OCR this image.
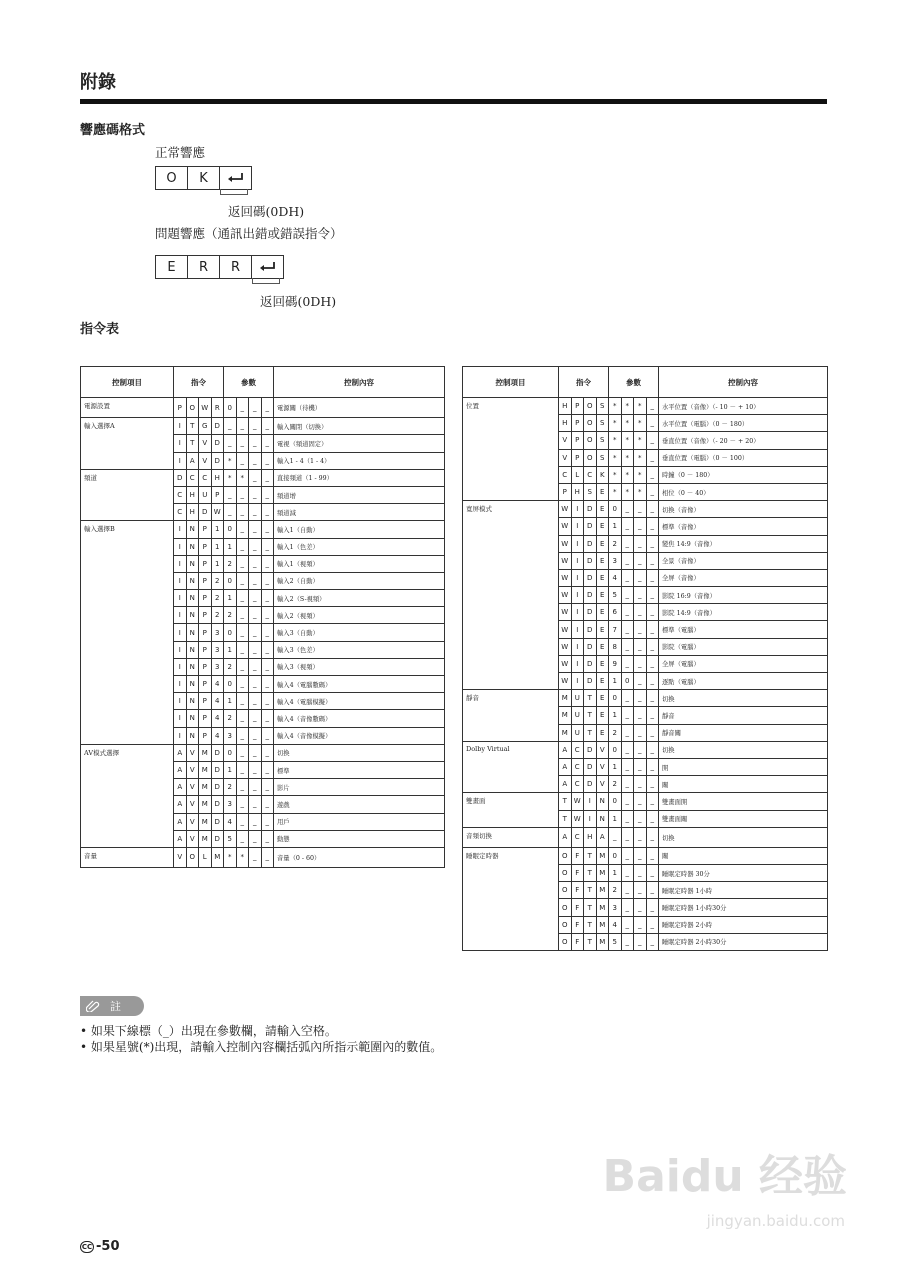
附錄
響應碼格式
正常響應
O	K
返回碼(0DH)
問題響應（通訊出錯或錯誤指令）
E	R	R
返回碼(0DH)
指令表
控制項目	指令				參數				控制內容
電源設置	P	O	W	R	0	_	_	_	電源關（待機）
輸入選擇A	I	T	G	D	_	_	_	_	輸入關閉（切換）
	I	T	V	D	_	_	_	_	電視（頻道固定）
	I	A	V	D	*	_	_	_	輸入1 - 4（1 - 4）
頻道	D	C	C	H	*	*	_	_	直接頻道（1 - 99）
	C	H	U	P	_	_	_	_	頻道增
	C	H	D	W	_	_	_	_	頻道減
輸入選擇B	I	N	P	1	0	_	_	_	輸入1（自動）
	I	N	P	1	1	_	_	_	輸入1（色差）
	I	N	P	1	2	_	_	_	輸入1（視頻）
	I	N	P	2	0	_	_	_	輸入2（自動）
	I	N	P	2	1	_	_	_	輸入2（S-視頻）
	I	N	P	2	2	_	_	_	輸入2（視頻）
	I	N	P	3	0	_	_	_	輸入3（自動）
	I	N	P	3	1	_	_	_	輸入3（色差）
	I	N	P	3	2	_	_	_	輸入3（視頻）
	I	N	P	4	0	_	_	_	輸入4（電腦數碼）
	I	N	P	4	1	_	_	_	輸入4（電腦模擬）
	I	N	P	4	2	_	_	_	輸入4（音像數碼）
	I	N	P	4	3	_	_	_	輸入4（音像模擬）
AV模式選擇	A	V	M	D	0	_	_	_	切換
	A	V	M	D	1	_	_	_	標準
	A	V	M	D	2	_	_	_	影片
	A	V	M	D	3	_	_	_	遊戲
	A	V	M	D	4	_	_	_	用戶
	A	V	M	D	5	_	_	_	動態
音量	V	O	L	M	*	*	_	_	音量（0 - 60）
控制項目	指令				參數				控制內容
位置	H	P	O	S	*	*	*	_	水平位置（音像）（- 10 － + 10）
	H	P	O	S	*	*	*	_	水平位置（電腦）（0 － 180）
	V	P	O	S	*	*	*	_	垂直位置（音像）（- 20 － + 20）
	V	P	O	S	*	*	*	_	垂直位置（電腦）（0 － 100）
	C	L	C	K	*	*	*	_	時鐘（0 － 180）
	P	H	S	E	*	*	*	_	相位（0 － 40）
寬屏模式	W	I	D	E	0	_	_	_	切換（音像）
	W	I	D	E	1	_	_	_	標準（音像）
	W	I	D	E	2	_	_	_	變焦 14:9（音像）
	W	I	D	E	3	_	_	_	全景（音像）
	W	I	D	E	4	_	_	_	全屏（音像）
	W	I	D	E	5	_	_	_	影院 16:9（音像）
	W	I	D	E	6	_	_	_	影院 14:9（音像）
	W	I	D	E	7	_	_	_	標準（電腦）
	W	I	D	E	8	_	_	_	影院（電腦）
	W	I	D	E	9	_	_	_	全屏（電腦）
	W	I	D	E	1	0	_	_	逐點（電腦）
靜音	M	U	T	E	0	_	_	_	切換
	M	U	T	E	1	_	_	_	靜音
	M	U	T	E	2	_	_	_	靜音關
Dolby Virtual	A	C	D	V	0	_	_	_	切換
	A	C	D	V	1	_	_	_	開
	A	C	D	V	2	_	_	_	關
雙畫面	T	W	I	N	0	_	_	_	雙畫面開
	T	W	I	N	1	_	_	_	雙畫面關
音頻切換	A	C	H	A	_	_	_	_	切換
睡眠定時器	O	F	T	M	0	_	_	_	關
	O	F	T	M	1	_	_	_	睡眠定時器 30分
	O	F	T	M	2	_	_	_	睡眠定時器 1小時
	O	F	T	M	3	_	_	_	睡眠定時器 1小時30分
	O	F	T	M	4	_	_	_	睡眠定時器 2小時
	O	F	T	M	5	_	_	_	睡眠定時器 2小時30分
註
• 如果下線標（_）出現在參數欄，請輸入空格。
• 如果星號(*)出現，請輸入控制內容欄括弧內所指示範圍內的數值。
Baidu 经验
jingyan.baidu.com
CC -50
